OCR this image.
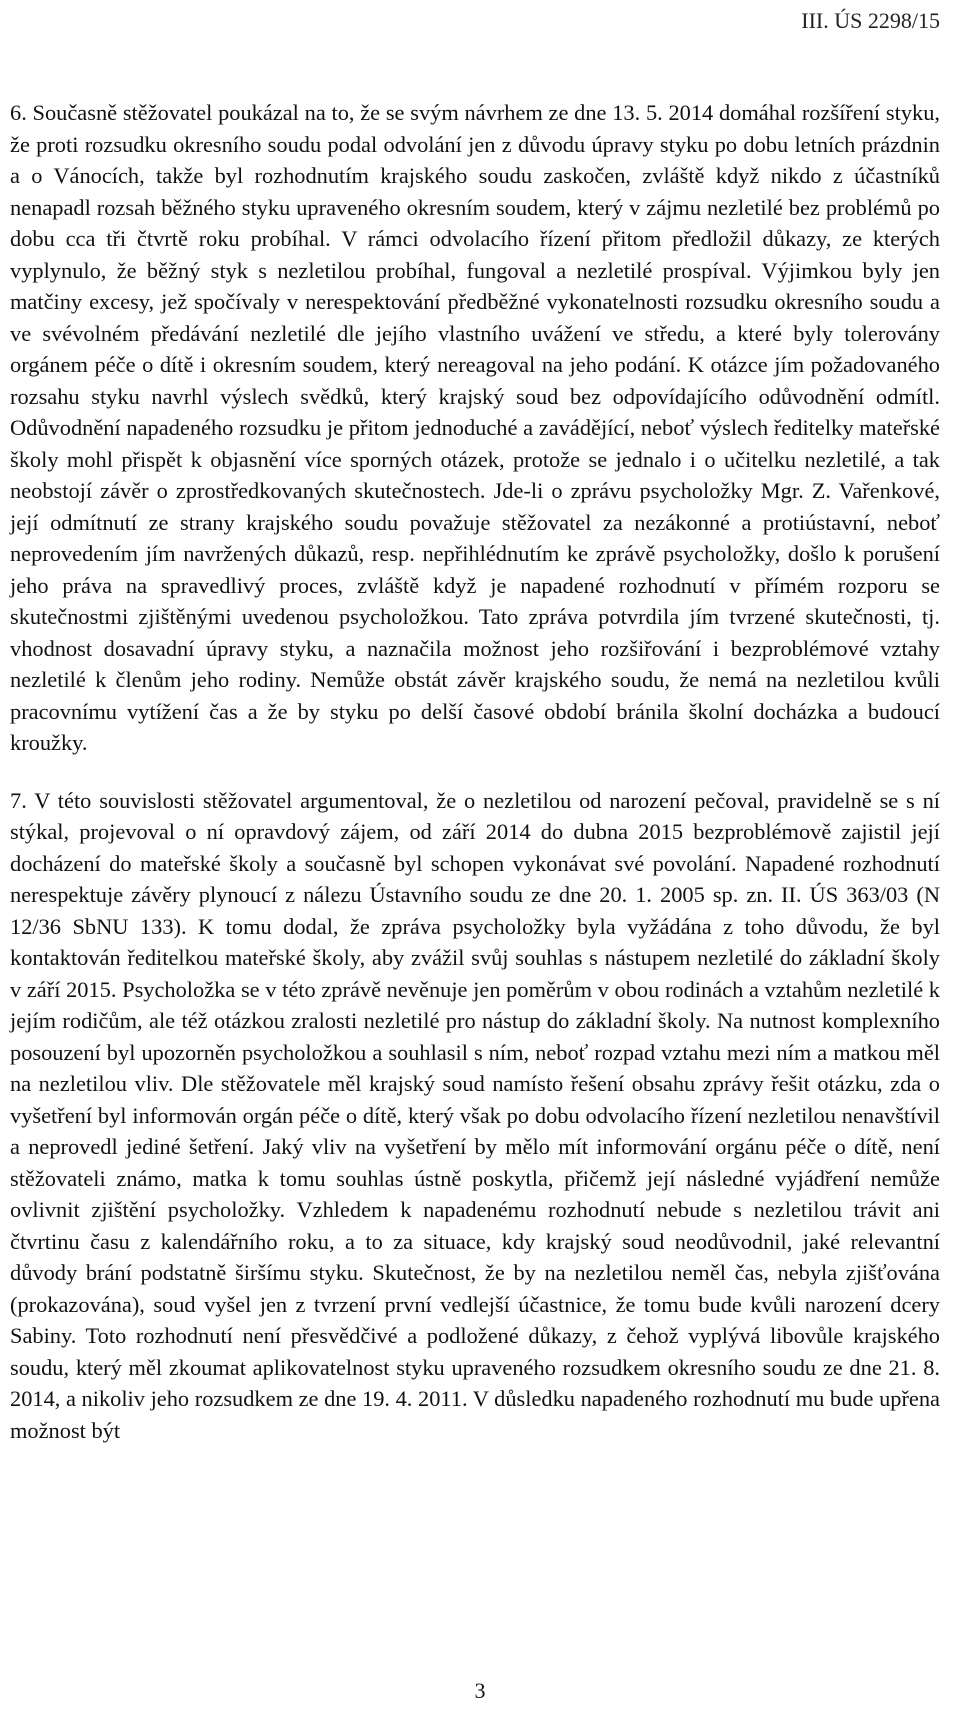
III. ÚS 2298/15

6. Současně stěžovatel poukázal na to, že se svým návrhem ze dne 13. 5. 2014 domáhal rozšíření styku, že proti rozsudku okresního soudu podal odvolání jen z důvodu úpravy styku po dobu letních prázdnin a o Vánocích, takže byl rozhodnutím krajského soudu zaskočen, zvláště když nikdo z účastníků nenapadl rozsah běžného styku upraveného okresním soudem, který v zájmu nezletilé bez problémů po dobu cca tři čtvrtě roku probíhal. V rámci odvolacího řízení přitom předložil důkazy, ze kterých vyplynulo, že běžný styk s nezletilou probíhal, fungoval a nezletilé prospíval. Výjimkou byly jen matčiny excesy, jež spočívaly v nerespektování předběžné vykonatelnosti rozsudku okresního soudu a ve svévolném předávání nezletilé dle jejího vlastního uvážení ve středu, a které byly tolerovány orgánem péče o dítě i okresním soudem, který nereagoval na jeho podání. K otázce jím požadovaného rozsahu styku navrhl výslech svědků, který krajský soud bez odpovídajícího odůvodnění odmítl. Odůvodnění napadeného rozsudku je přitom jednoduché a zavádějící, neboť výslech ředitelky mateřské školy mohl přispět k objasnění více sporných otázek, protože se jednalo i o učitelku nezletilé, a tak neobstojí závěr o zprostředkovaných skutečnostech. Jde-li o zprávu psycholožky Mgr. Z. Vařenkové, její odmítnutí ze strany krajského soudu považuje stěžovatel za nezákonné a protiústavní, neboť neprovedením jím navržených důkazů, resp. nepřihlédnutím ke zprávě psycholožky, došlo k porušení jeho práva na spravedlivý proces, zvláště když je napadené rozhodnutí v přímém rozporu se skutečnostmi zjištěnými uvedenou psycholožkou. Tato zpráva potvrdila jím tvrzené skutečnosti, tj. vhodnost dosavadní úpravy styku, a naznačila možnost jeho rozšiřování i bezproblémové vztahy nezletilé k členům jeho rodiny. Nemůže obstát závěr krajského soudu, že nemá na nezletilou kvůli pracovnímu vytížení čas a že by styku po delší časové období bránila školní docházka a budoucí kroužky.

7. V této souvislosti stěžovatel argumentoval, že o nezletilou od narození pečoval, pravidelně se s ní stýkal, projevoval o ní opravdový zájem, od září 2014 do dubna 2015 bezproblémově zajistil její docházení do mateřské školy a současně byl schopen vykonávat své povolání. Napadené rozhodnutí nerespektuje závěry plynoucí z nálezu Ústavního soudu ze dne 20. 1. 2005 sp. zn. II. ÚS 363/03 (N 12/36 SbNU 133). K tomu dodal, že zpráva psycholožky byla vyžádána z toho důvodu, že byl kontaktován ředitelkou mateřské školy, aby zvážil svůj souhlas s nástupem nezletilé do základní školy v září 2015. Psycholožka se v této zprávě nevěnuje jen poměrům v obou rodinách a vztahům nezletilé k jejím rodičům, ale též otázkou zralosti nezletilé pro nástup do základní školy. Na nutnost komplexního posouzení byl upozorněn psycholožkou a souhlasil s ním, neboť rozpad vztahu mezi ním a matkou měl na nezletilou vliv. Dle stěžovatele měl krajský soud namísto řešení obsahu zprávy řešit otázku, zda o vyšetření byl informován orgán péče o dítě, který však po dobu odvolacího řízení nezletilou nenavštívil a neprovedl jediné šetření. Jaký vliv na vyšetření by mělo mít informování orgánu péče o dítě, není stěžovateli známo, matka k tomu souhlas ústně poskytla, přičemž její následné vyjádření nemůže ovlivnit zjištění psycholožky. Vzhledem k napadenému rozhodnutí nebude s nezletilou trávit ani čtvrtinu času z kalendářního roku, a to za situace, kdy krajský soud neodůvodnil, jaké relevantní důvody brání podstatně širšímu styku. Skutečnost, že by na nezletilou neměl čas, nebyla zjišťována (prokazována), soud vyšel jen z tvrzení první vedlejší účastnice, že tomu bude kvůli narození dcery Sabiny. Toto rozhodnutí není přesvědčivé a podložené důkazy, z čehož vyplývá libovůle krajského soudu, který měl zkoumat aplikovatelnost styku upraveného rozsudkem okresního soudu ze dne 21. 8. 2014, a nikoliv jeho rozsudkem ze dne 19. 4. 2011. V důsledku napadeného rozhodnutí mu bude upřena možnost být

3
